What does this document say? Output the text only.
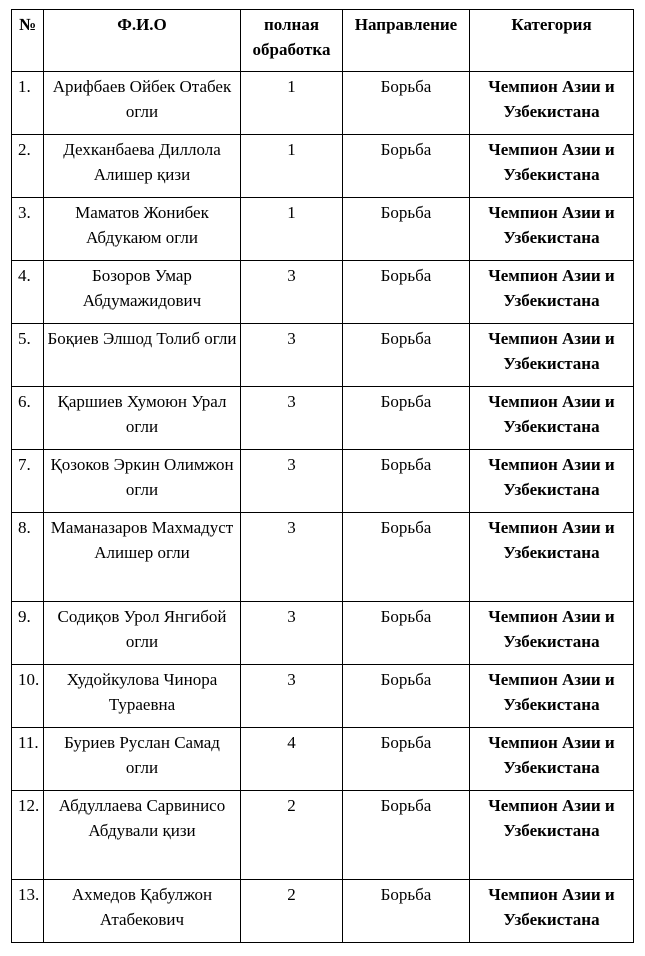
№	Ф.И.О	полная обработка	Направление	Категория
1.	Арифбаев Ойбек Отабек огли	1	Борьба	Чемпион Азии и Узбекистана
2.	Дехканбаева Диллола Алишер қизи	1	Борьба	Чемпион Азии и Узбекистана
3.	Маматов Жонибек Абдукаюм огли	1	Борьба	Чемпион Азии и Узбекистана
4.	Бозоров Умар Абдумажидович	3	Борьба	Чемпион Азии и Узбекистана
5.	Боқиев Элшод Толиб огли	3	Борьба	Чемпион Азии и Узбекистана
6.	Қаршиев Хумоюн Урал огли	3	Борьба	Чемпион Азии и Узбекистана
7.	Қозоков Эркин Олимжон огли	3	Борьба	Чемпион Азии и Узбекистана
8.	Маманазаров Махмадуст Алишер огли	3	Борьба	Чемпион Азии и Узбекистана
9.	Содиқов Урол Янгибой огли	3	Борьба	Чемпион Азии и Узбекистана
10.	Худойкулова Чинора Тураевна	3	Борьба	Чемпион Азии и Узбекистана
11.	Буриев Руслан Самад огли	4	Борьба	Чемпион Азии и Узбекистана
12.	Абдуллаева Сарвинисо Абдували қизи	2	Борьба	Чемпион Азии и Узбекистана
13.	Ахмедов Қабулжон Атабекович	2	Борьба	Чемпион Азии и Узбекистана
